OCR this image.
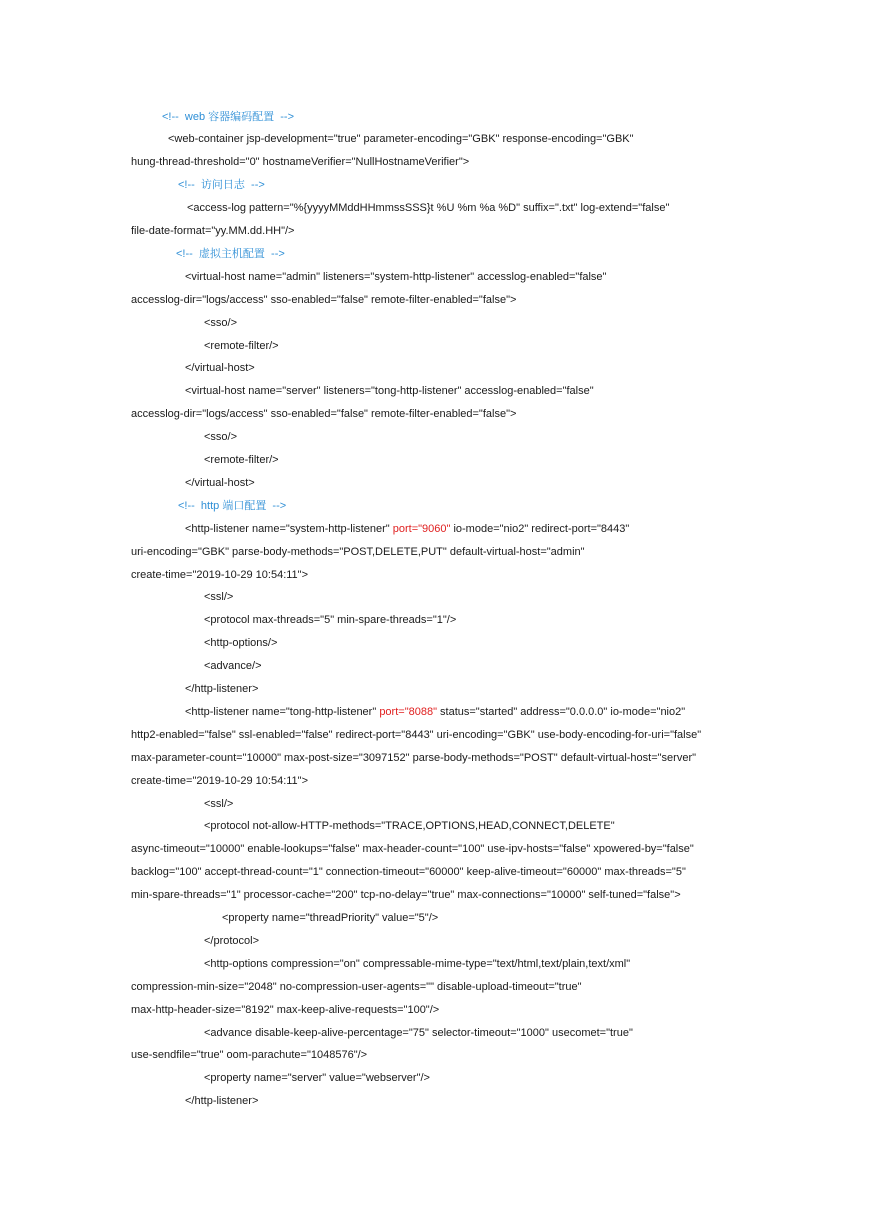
<!--  web 容器编码配置  -->
<web-container jsp-development="true" parameter-encoding="GBK" response-encoding="GBK"
hung-thread-threshold="0" hostnameVerifier="NullHostnameVerifier">
<!--  访问日志  -->
<access-log pattern="%{yyyyMMddHHmmssSSS}t %U %m %a %D" suffix=".txt" log-extend="false"
file-date-format="yy.MM.dd.HH"/>
<!--  虚拟主机配置  -->
<virtual-host name="admin" listeners="system-http-listener" accesslog-enabled="false"
accesslog-dir="logs/access" sso-enabled="false" remote-filter-enabled="false">
<sso/>
<remote-filter/>
</virtual-host>
<virtual-host name="server" listeners="tong-http-listener" accesslog-enabled="false"
accesslog-dir="logs/access" sso-enabled="false" remote-filter-enabled="false">
<sso/>
<remote-filter/>
</virtual-host>
<!--  http 端口配置  -->
<http-listener name="system-http-listener" port="9060" io-mode="nio2" redirect-port="8443"
uri-encoding="GBK" parse-body-methods="POST,DELETE,PUT" default-virtual-host="admin"
create-time="2019-10-29 10:54:11">
<ssl/>
<protocol max-threads="5" min-spare-threads="1"/>
<http-options/>
<advance/>
</http-listener>
<http-listener name="tong-http-listener" port="8088" status="started" address="0.0.0.0" io-mode="nio2"
http2-enabled="false" ssl-enabled="false" redirect-port="8443" uri-encoding="GBK" use-body-encoding-for-uri="false"
max-parameter-count="10000" max-post-size="3097152" parse-body-methods="POST" default-virtual-host="server"
create-time="2019-10-29 10:54:11">
<ssl/>
<protocol not-allow-HTTP-methods="TRACE,OPTIONS,HEAD,CONNECT,DELETE"
async-timeout="10000" enable-lookups="false" max-header-count="100" use-ipv-hosts="false" xpowered-by="false"
backlog="100" accept-thread-count="1" connection-timeout="60000" keep-alive-timeout="60000" max-threads="5"
min-spare-threads="1" processor-cache="200" tcp-no-delay="true" max-connections="10000" self-tuned="false">
<property name="threadPriority" value="5"/>
</protocol>
<http-options compression="on" compressable-mime-type="text/html,text/plain,text/xml"
compression-min-size="2048" no-compression-user-agents="" disable-upload-timeout="true"
max-http-header-size="8192" max-keep-alive-requests="100"/>
<advance disable-keep-alive-percentage="75" selector-timeout="1000" usecomet="true"
use-sendfile="true" oom-parachute="1048576"/>
<property name="server" value="webserver"/>
</http-listener>
